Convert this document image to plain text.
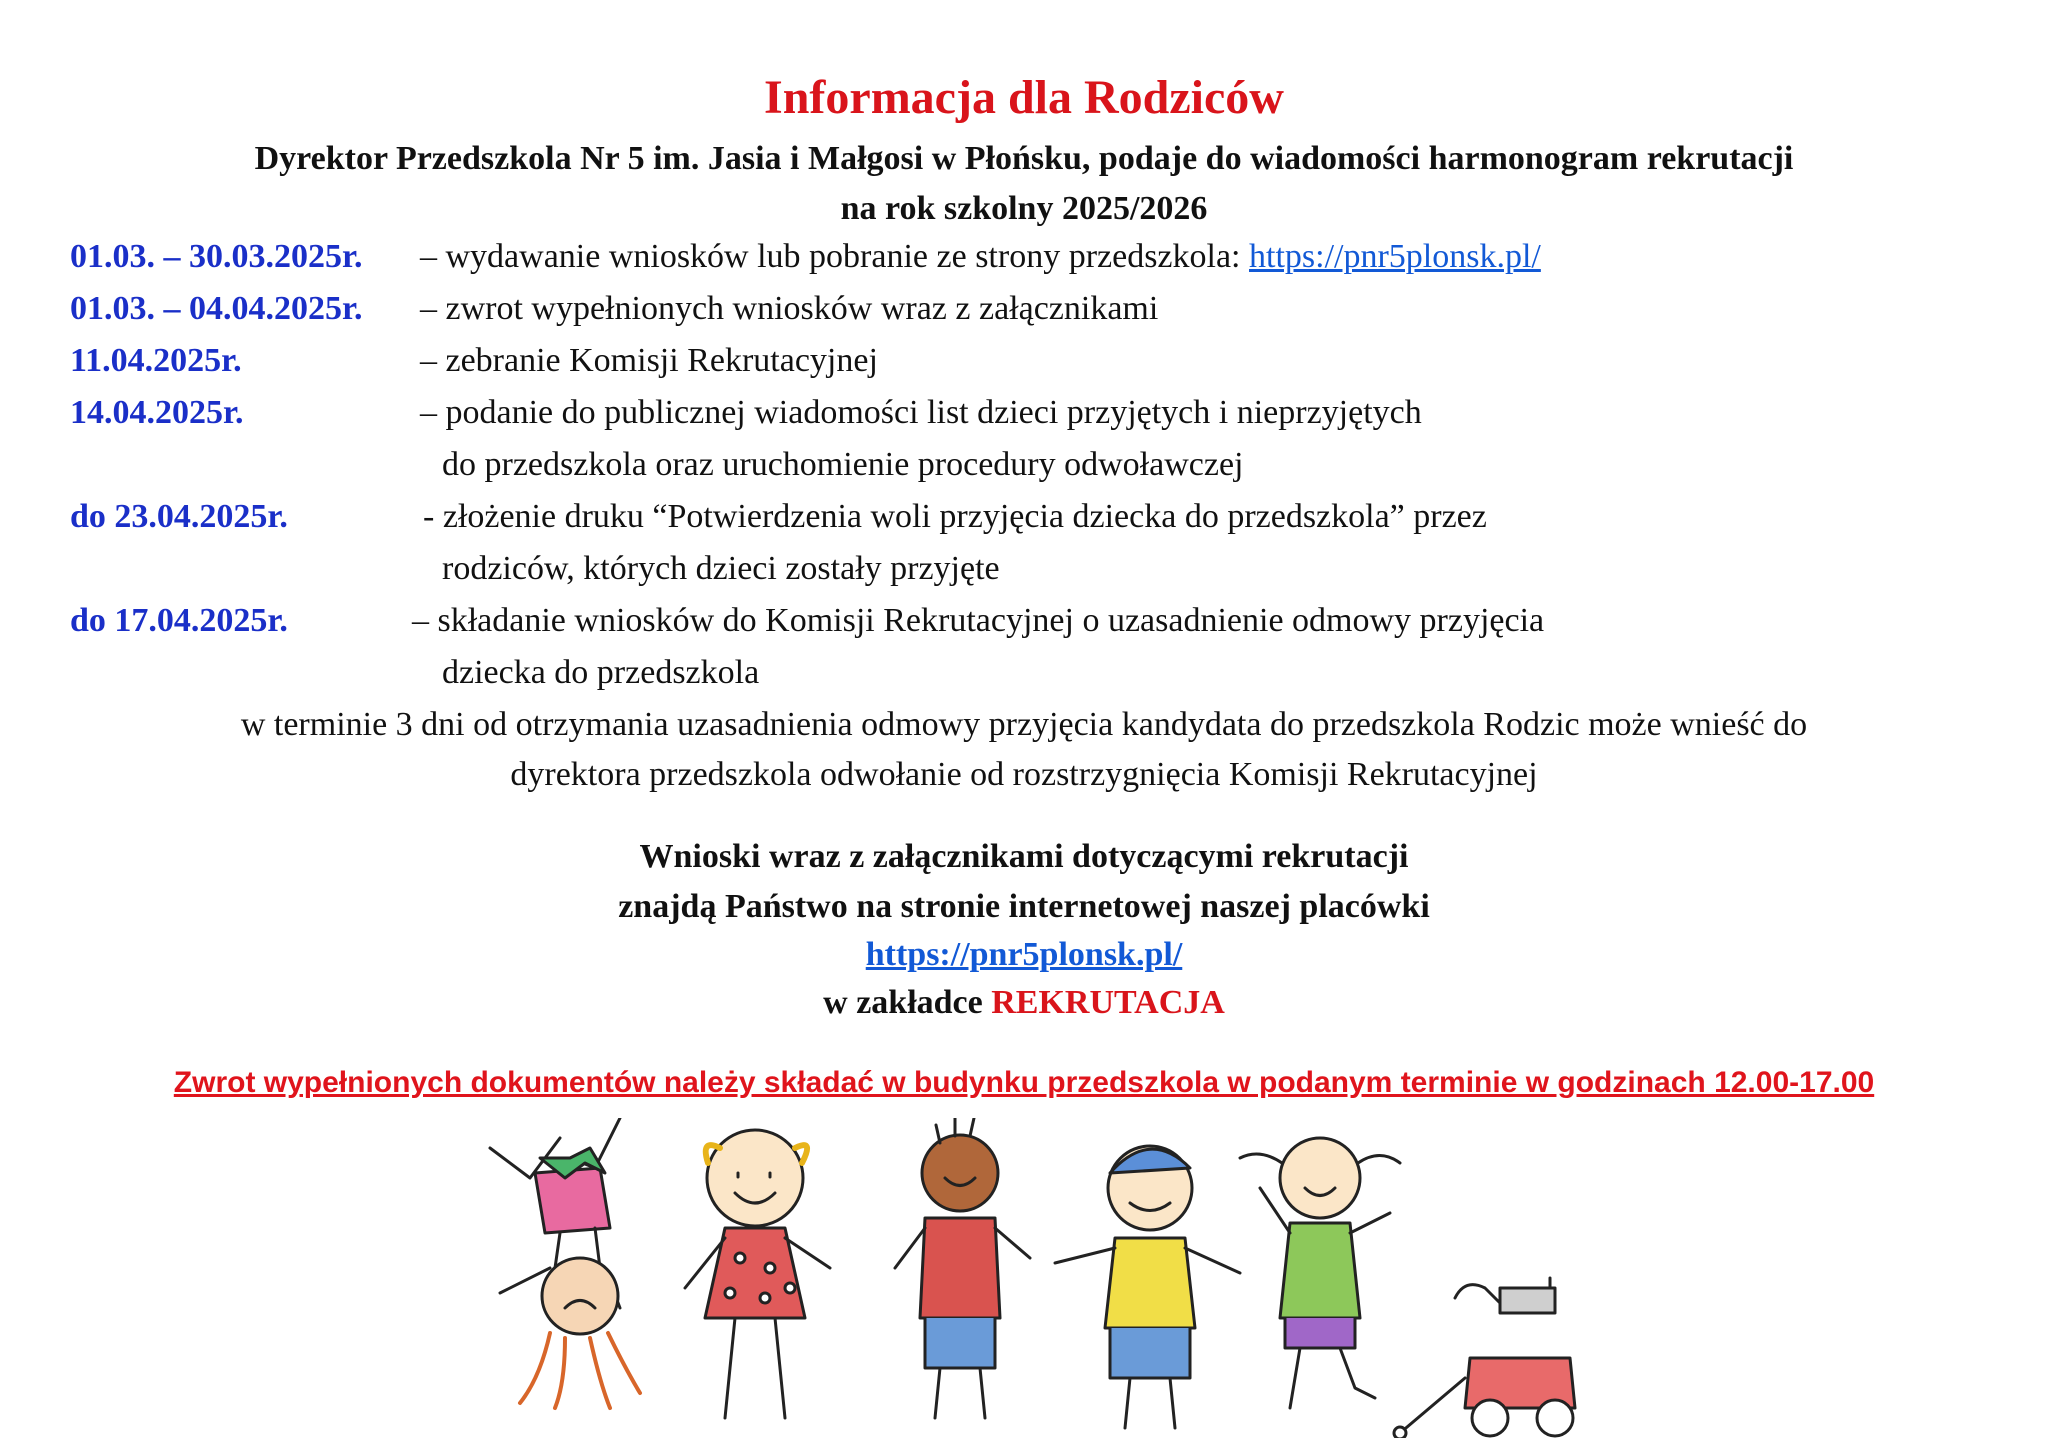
Informacja dla Rodziców
Dyrektor Przedszkola Nr 5 im. Jasia i Małgosi w Płońsku, podaje do wiadomości harmonogram rekrutacji
na rok szkolny 2025/2026
01.03. – 30.03.2025r. – wydawanie wniosków lub pobranie ze strony przedszkola: https://pnr5plonsk.pl/
01.03. – 04.04.2025r. – zwrot wypełnionych wniosków wraz z załącznikami
11.04.2025r.	– zebranie Komisji Rekrutacyjnej
14.04.2025r.	– podanie do publicznej wiadomości list dzieci przyjętych i nieprzyjętych
do przedszkola oraz uruchomienie procedury odwoławczej
do 23.04.2025r.	- złożenie druku “Potwierdzenia woli przyjęcia dziecka do przedszkola” przez
rodziców, których dzieci zostały przyjęte
do 17.04.2025r.	– składanie wniosków do Komisji Rekrutacyjnej o uzasadnienie odmowy przyjęcia
dziecka do przedszkola
w terminie 3 dni od otrzymania uzasadnienia odmowy przyjęcia kandydata do przedszkola Rodzic może wnieść do
dyrektora przedszkola odwołanie od rozstrzygnięcia Komisji Rekrutacyjnej
Wnioski wraz z załącznikami dotyczącymi rekrutacji
znajdą Państwo na stronie internetowej naszej placówki
https://pnr5plonsk.pl/
w zakładce REKRUTACJA
Zwrot wypełnionych dokumentów należy składać w budynku przedszkola w podanym terminie w godzinach 12.00-17.00
